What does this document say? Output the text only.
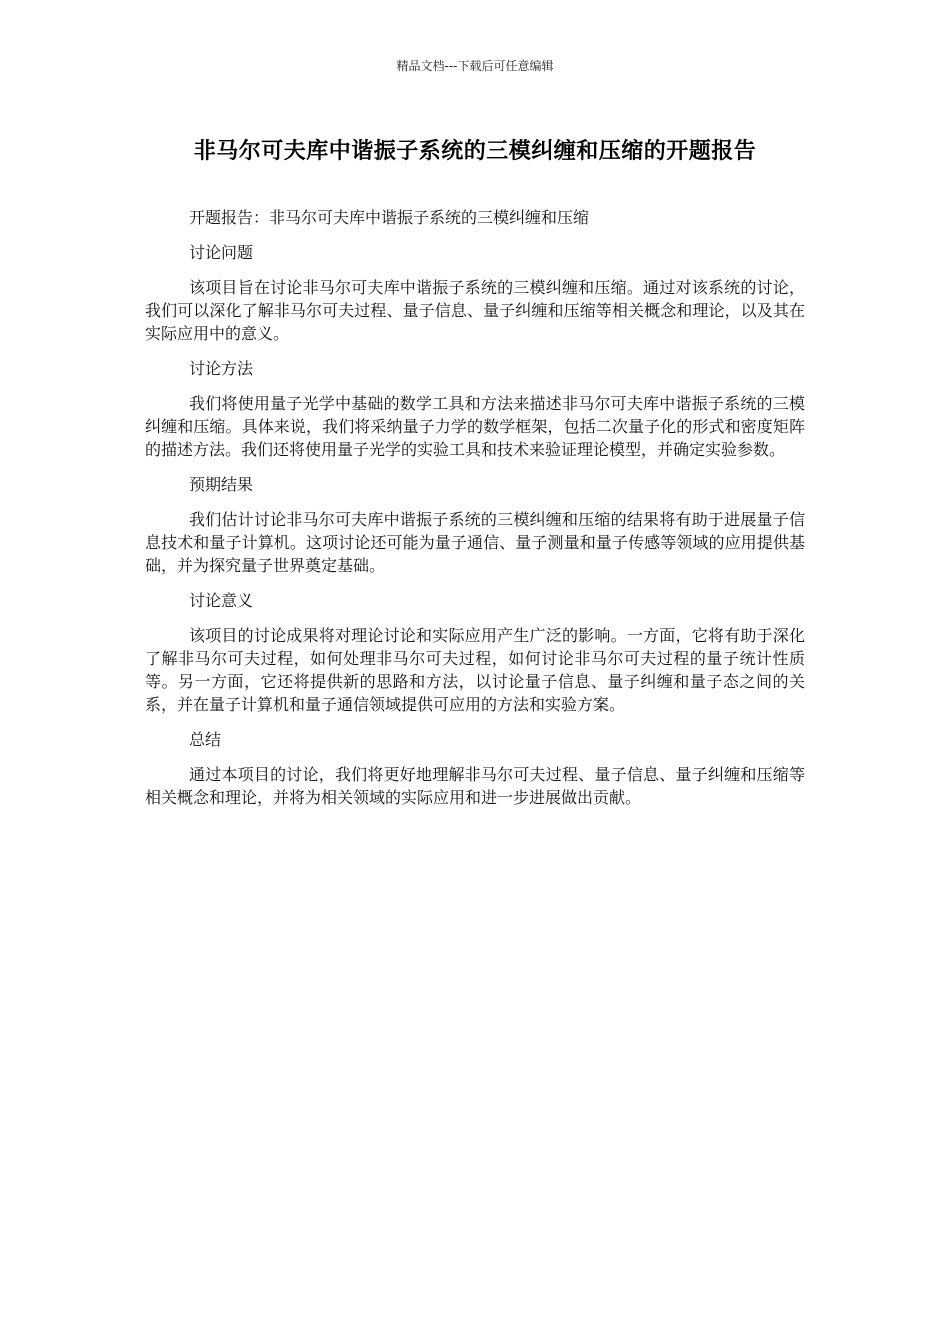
精品文档---下载后可任意编辑
非马尔可夫库中谐振子系统的三模纠缠和压缩的开题报告

开题报告：非马尔可夫库中谐振子系统的三模纠缠和压缩

讨论问题

该项目旨在讨论非马尔可夫库中谐振子系统的三模纠缠和压缩。通过对该系统的讨论，我们可以深化了解非马尔可夫过程、量子信息、量子纠缠和压缩等相关概念和理论，以及其在实际应用中的意义。

讨论方法

我们将使用量子光学中基础的数学工具和方法来描述非马尔可夫库中谐振子系统的三模纠缠和压缩。具体来说，我们将采纳量子力学的数学框架，包括二次量子化的形式和密度矩阵的描述方法。我们还将使用量子光学的实验工具和技术来验证理论模型，并确定实验参数。

预期结果

我们估计讨论非马尔可夫库中谐振子系统的三模纠缠和压缩的结果将有助于进展量子信息技术和量子计算机。这项讨论还可能为量子通信、量子测量和量子传感等领域的应用提供基础，并为探究量子世界奠定基础。

讨论意义

该项目的讨论成果将对理论讨论和实际应用产生广泛的影响。一方面，它将有助于深化了解非马尔可夫过程，如何处理非马尔可夫过程，如何讨论非马尔可夫过程的量子统计性质等。另一方面，它还将提供新的思路和方法，以讨论量子信息、量子纠缠和量子态之间的关系，并在量子计算机和量子通信领域提供可应用的方法和实验方案。

总结

通过本项目的讨论，我们将更好地理解非马尔可夫过程、量子信息、量子纠缠和压缩等相关概念和理论，并将为相关领域的实际应用和进一步进展做出贡献。
